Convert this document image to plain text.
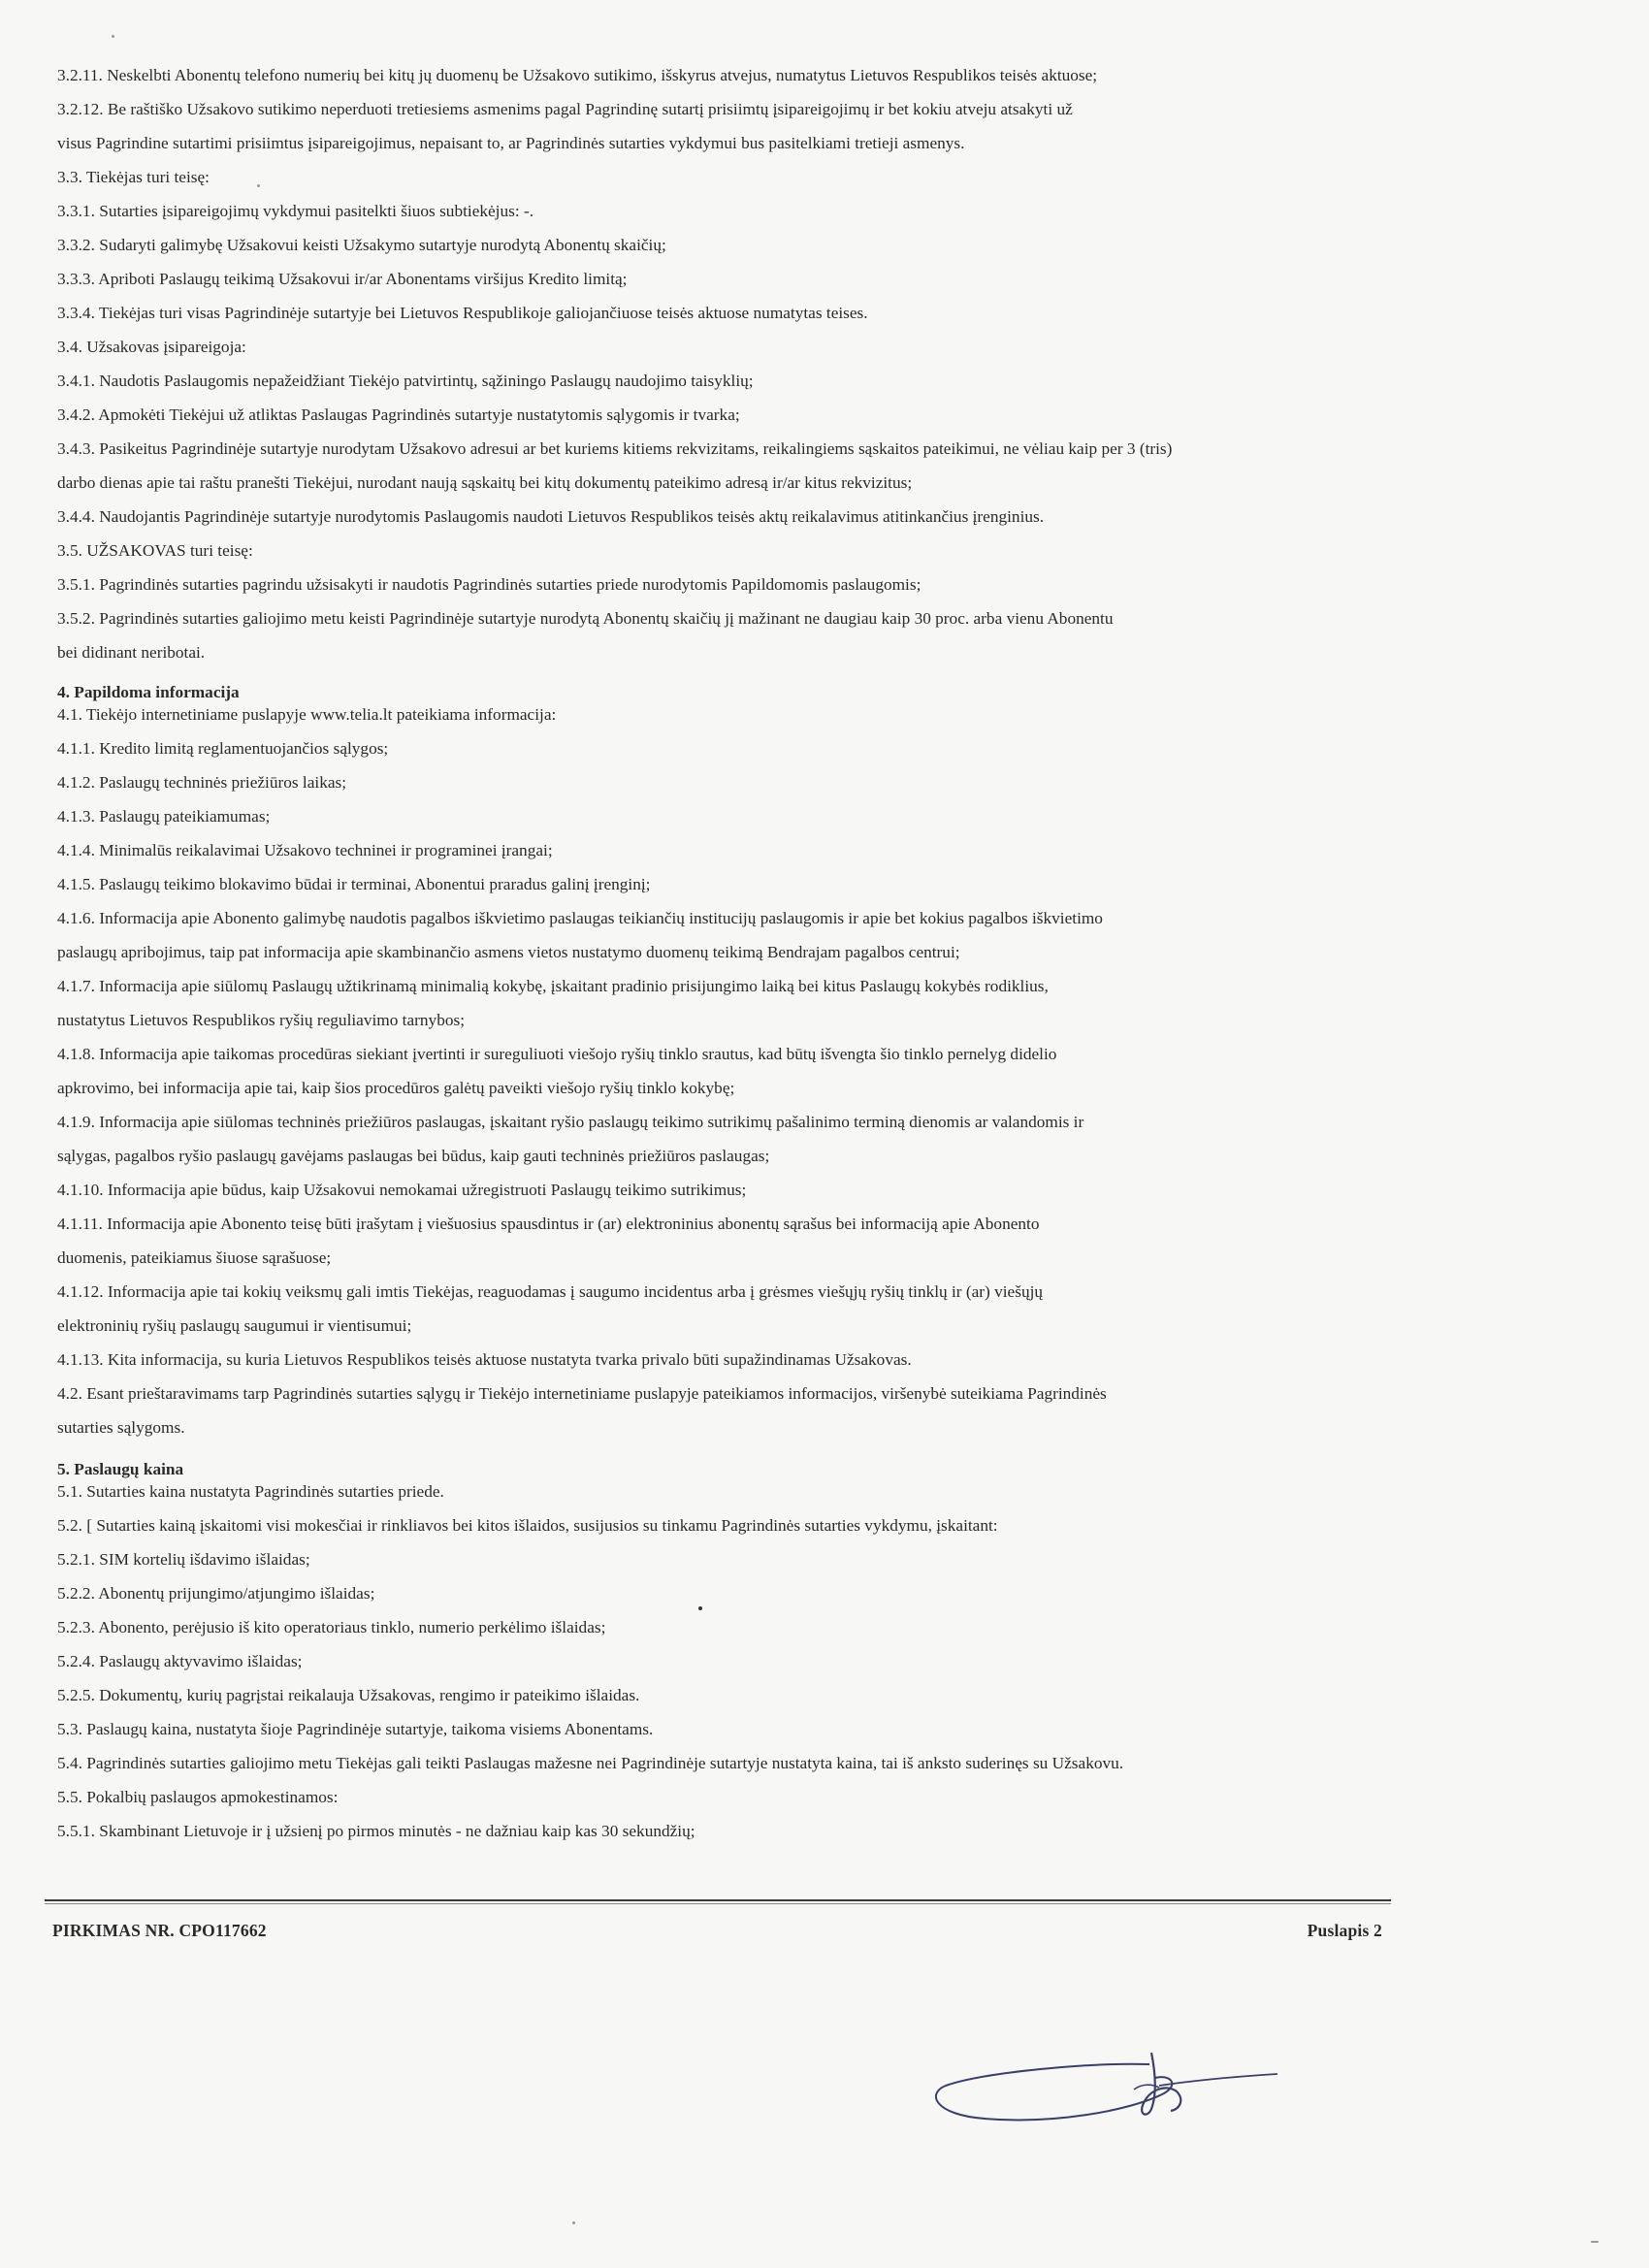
3.2.11. Neskelbti Abonentų telefono numerių bei kitų jų duomenų be Užsakovo sutikimo, išskyrus atvejus, numatytus Lietuvos Respublikos teisės aktuose;
3.2.12. Be raštiško Užsakovo sutikimo neperduoti tretiesiems asmenims pagal Pagrindinę sutartį prisiimtų įsipareigojimų ir bet kokiu atveju atsakyti už
visus Pagrindine sutartimi prisiimtus įsipareigojimus, nepaisant to, ar Pagrindinės sutarties vykdymui bus pasitelkiami tretieji asmenys.
3.3. Tiekėjas turi teisę:
3.3.1. Sutarties įsipareigojimų vykdymui pasitelkti šiuos subtiekėjus: -.
3.3.2. Sudaryti galimybę Užsakovui keisti Užsakymo sutartyje nurodytą Abonentų skaičių;
3.3.3. Apriboti Paslaugų teikimą Užsakovui ir/ar Abonentams viršijus Kredito limitą;
3.3.4. Tiekėjas turi visas Pagrindinėje sutartyje bei Lietuvos Respublikoje galiojančiuose teisės aktuose numatytas teises.
3.4. Užsakovas įsipareigoja:
3.4.1. Naudotis Paslaugomis nepažeidžiant Tiekėjo patvirtintų, sąžiningo Paslaugų naudojimo taisyklių;
3.4.2. Apmokėti Tiekėjui už atliktas Paslaugas Pagrindinės sutartyje nustatytomis sąlygomis ir tvarka;
3.4.3. Pasikeitus Pagrindinėje sutartyje nurodytam Užsakovo adresui ar bet kuriems kitiems rekvizitams, reikalingiems sąskaitos pateikimui, ne vėliau kaip per 3 (tris)
darbo dienas apie tai raštu pranešti Tiekėjui, nurodant naują sąskaitų bei kitų dokumentų pateikimo adresą ir/ar kitus rekvizitus;
3.4.4. Naudojantis Pagrindinėje sutartyje nurodytomis Paslaugomis naudoti Lietuvos Respublikos teisės aktų reikalavimus atitinkančius įrenginius.
3.5. UŽSAKOVAS turi teisę:
3.5.1. Pagrindinės sutarties pagrindu užsisakyti ir naudotis Pagrindinės sutarties priede nurodytomis Papildomomis paslaugomis;
3.5.2. Pagrindinės sutarties galiojimo metu keisti Pagrindinėje sutartyje nurodytą Abonentų skaičių jį mažinant ne daugiau kaip 30 proc. arba vienu Abonentu
bei didinant neribotai.
4. Papildoma informacija
4.1. Tiekėjo internetiniame puslapyje www.telia.lt pateikiama informacija:
4.1.1. Kredito limitą reglamentuojančios sąlygos;
4.1.2. Paslaugų techninės priežiūros laikas;
4.1.3. Paslaugų pateikiamumas;
4.1.4. Minimalūs reikalavimai Užsakovo techninei ir programinei įrangai;
4.1.5. Paslaugų teikimo blokavimo būdai ir terminai, Abonentui praradus galinį įrenginį;
4.1.6. Informacija apie Abonento galimybę naudotis pagalbos iškvietimo paslaugas teikiančių institucijų paslaugomis ir apie bet kokius pagalbos iškvietimo
paslaugų apribojimus, taip pat informacija apie skambinančio asmens vietos nustatymo duomenų teikimą Bendrajam pagalbos centrui;
4.1.7. Informacija apie siūlomų Paslaugų užtikrinamą minimalią kokybę, įskaitant pradinio prisijungimo laiką bei kitus Paslaugų kokybės rodiklius,
nustatytus Lietuvos Respublikos ryšių reguliavimo tarnybos;
4.1.8. Informacija apie taikomas procedūras siekiant įvertinti ir sureguliuoti viešojo ryšių tinklo srautus, kad būtų išvengta šio tinklo pernelyg didelio
apkrovimo, bei informacija apie tai, kaip šios procedūros galėtų paveikti viešojo ryšių tinklo kokybę;
4.1.9. Informacija apie siūlomas techninės priežiūros paslaugas, įskaitant ryšio paslaugų teikimo sutrikimų pašalinimo terminą dienomis ar valandomis ir
sąlygas, pagalbos ryšio paslaugų gavėjams paslaugas bei būdus, kaip gauti techninės priežiūros paslaugas;
4.1.10. Informacija apie būdus, kaip Užsakovui nemokamai užregistruoti Paslaugų teikimo sutrikimus;
4.1.11. Informacija apie Abonento teisę būti įrašytam į viešuosius spausdintus ir (ar) elektroninius abonentų sąrašus bei informaciją apie Abonento
duomenis, pateikiamus šiuose sąrašuose;
4.1.12. Informacija apie tai kokių veiksmų gali imtis Tiekėjas, reaguodamas į saugumo incidentus arba į grėsmes viešųjų ryšių tinklų ir (ar) viešųjų
elektroninių ryšių paslaugų saugumui ir vientisumui;
4.1.13. Kita informacija, su kuria Lietuvos Respublikos teisės aktuose nustatyta tvarka privalo būti supažindinamas Užsakovas.
4.2. Esant prieštaravimams tarp Pagrindinės sutarties sąlygų ir Tiekėjo internetiniame puslapyje pateikiamos informacijos, viršenybė suteikiama Pagrindinės
sutarties sąlygoms.
5. Paslaugų kaina
5.1. Sutarties kaina nustatyta Pagrindinės sutarties priede.
5.2. [ Sutarties kainą įskaitomi visi mokesčiai ir rinkliavos bei kitos išlaidos, susijusios su tinkamu Pagrindinės sutarties vykdymu, įskaitant:
5.2.1. SIM kortelių išdavimo išlaidas;
5.2.2. Abonentų prijungimo/atjungimo išlaidas;
5.2.3. Abonento, perėjusio iš kito operatoriaus tinklo, numerio perkėlimo išlaidas;
5.2.4. Paslaugų aktyvavimo išlaidas;
5.2.5. Dokumentų, kurių pagrįstai reikalauja Užsakovas, rengimo ir pateikimo išlaidas.
5.3. Paslaugų kaina, nustatyta šioje Pagrindinėje sutartyje, taikoma visiems Abonentams.
5.4. Pagrindinės sutarties galiojimo metu Tiekėjas gali teikti Paslaugas mažesne nei Pagrindinėje sutartyje nustatyta kaina, tai iš anksto suderinęs su Užsakovu.
5.5. Pokalbių paslaugos apmokestinamos:
5.5.1. Skambinant Lietuvoje ir į užsienį po pirmos minutės - ne dažniau kaip kas 30 sekundžių;
PIRKIMAS NR. CPO117662	Puslapis 2
